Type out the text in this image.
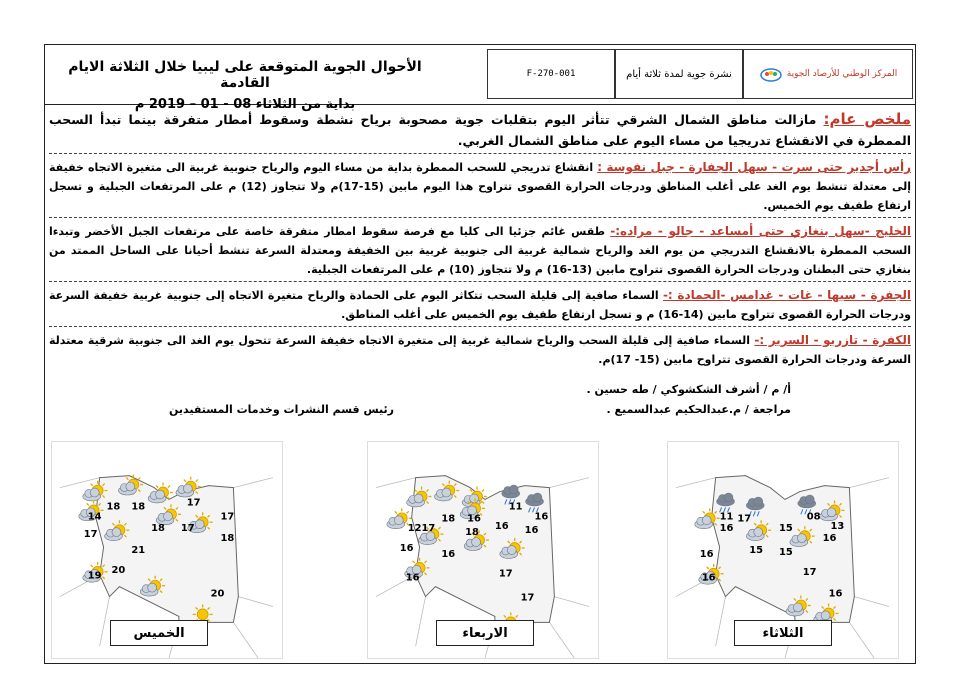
الأحوال الجوية المتوقعة على ليبيا خلال الثلاثة الايام القادمة
بداية من الثلاثاء 08 - 01 – 2019 م
F-270-001	نشرة جوية لمدة ثلاثة أيام	المركز الوطني للأرصاد الجوية
ملخص عام: مازالت مناطق الشمال الشرقي تتأثر اليوم بتقلبات جوية مصحوبة برياح نشطة وسقوط أمطار متفرقة بينما تبدأ السحب الممطرة في الانقشاع تدريجيا من مساء اليوم على مناطق الشمال الغربي.
رأس أجدير حتى سرت - سهل الجفارة - جبل نفوسة : انقشاع تدريجي للسحب الممطرة بداية من مساء اليوم والرياح جنوبية غربية الى متغيرة الاتجاه خفيفة إلى معتدلة تنشط يوم الغد على أغلب المناطق ودرجات الحرارة القصوى تتراوح هذا اليوم مابين (15-17)م ولا تتجاوز (12) م على المرتفعات الجبلية و تسجل ارتفاع طفيف يوم الخميس.
الخليج -سهل بنغازي حتى أمساعد - جالو - مراده:- طقس غائم جزئيا الى كليا مع فرصة سقوط امطار متفرقة خاصة على مرتفعات الجبل الأخضر وتبدءا السحب الممطرة بالانقشاع التدريجي من يوم الغد والرياح شمالية غربية الى جنوبية غربية بين الخفيفة ومعتدلة السرعة تنشط أحيانا على الساحل الممتد من بنغازي حتى البطنان ودرجات الحرارة القصوى تتراوح مابين (13-16) م ولا تتجاوز (10) م على المرتفعات الجبلية.
الجفرة - سبها - غات - غدامس -الحمادة :- السماء صافية إلى قليلة السحب تتكاثر اليوم على الحمادة والرياح متغيرة الاتجاه إلى جنوبية غربية خفيفة السرعة ودرجات الحرارة القصوى تتراوح مابين (14-16) م و تسجل ارتفاع طفيف يوم الخميس على أغلب المناطق.
الكفرة - تازربو - السرير :- السماء صافية إلى قليلة السحب والرياح شمالية غربية إلى متغيرة الاتجاه خفيفة السرعة تتحول يوم الغد الى جنوبية شرقية معتدلة السرعة ودرجات الحرارة القصوى تتراوح مابين (15- 17)م.
أ/ م / أشرف الشكشوكي / طه حسين .
مراجعة / م.عبدالحكيم عبدالسميع .
رئيس قسم النشرات وخدمات المستفيدين
18 18	17
17
14
17
18 17
18
21
20
19
20
الخميس
18 16
11
16
12 17	18
16 16
16
16
16	17
17
الاربعاء
11 17	08
13
16	15
16
15 15
16
17
16
16
الثلاثاء
